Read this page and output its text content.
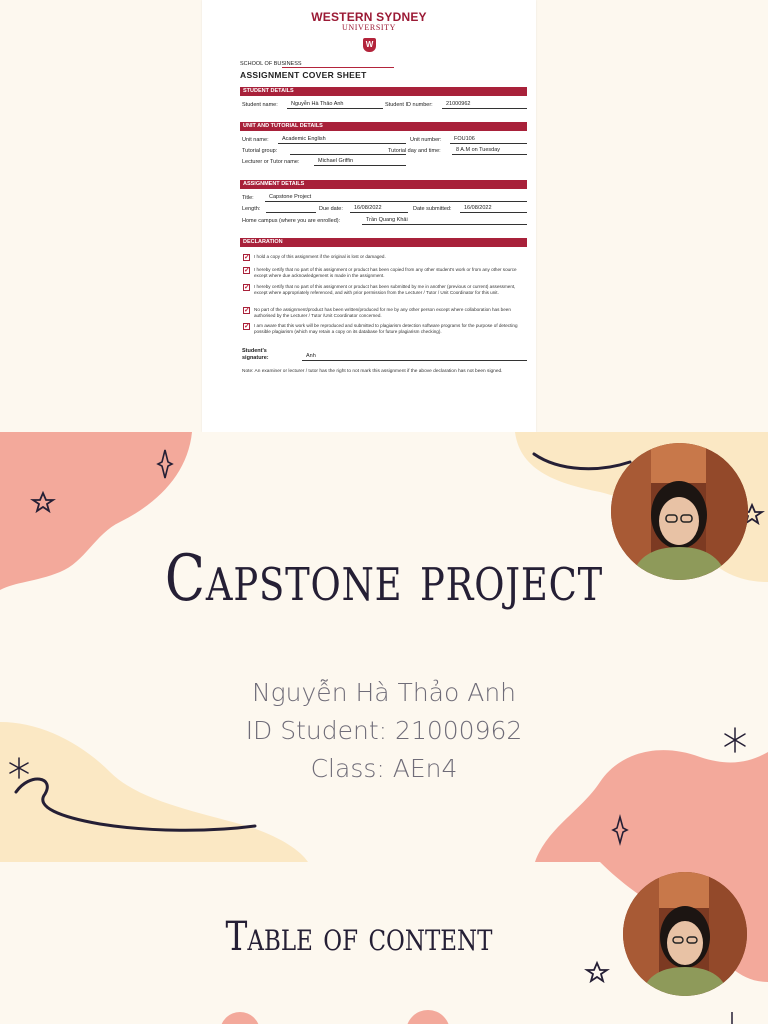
WESTERN SYDNEY
UNIVERSITY
W
SCHOOL OF BUSINESS
ASSIGNMENT COVER SHEET
STUDENT DETAILS
Student name:	Nguyễn Hà Thảo Anh	Student ID number:	21000962
UNIT AND TUTORIAL DETAILS
Unit name:	Academic English	Unit number:	FOU106
Tutorial group:	Tutorial day and time:	8 A.M on Tuesday
Lecturer or Tutor name:	Michael Griffin
ASSIGNMENT DETAILS
Title:	Capstone Project
Length:	Due date:	16/08/2022	Date submitted:	16/08/2022
Home campus (where you are enrolled):	Trần Quang Khải
DECLARATION
✓ I hold a copy of this assignment if the original is lost or damaged.
✓ I hereby certify that no part of this assignment or product has been copied from any other student's work or from any other source except where due acknowledgement is made in the assignment.
✓ I hereby certify that no part of this assignment or product has been submitted by me in another (previous or current) assessment, except where appropriately referenced, and with prior permission from the Lecturer / Tutor / Unit Coordinator for this unit.
✓ No part of the assignment/product has been written/produced for me by any other person except where collaboration has been authorised by the Lecturer / Tutor /Unit Coordinator concerned.
✓ I am aware that this work will be reproduced and submitted to plagiarism detection software programs for the purpose of detecting possible plagiarism (which may retain a copy on its database for future plagiarism checking).
Student's signature:	Anh
Note: An examiner or lecturer / tutor has the right to not mark this assignment if the above declaration has not been signed.
Capstone project
Nguyễn Hà Thảo Anh
ID Student: 21000962
Class: AEn4
Table of content
